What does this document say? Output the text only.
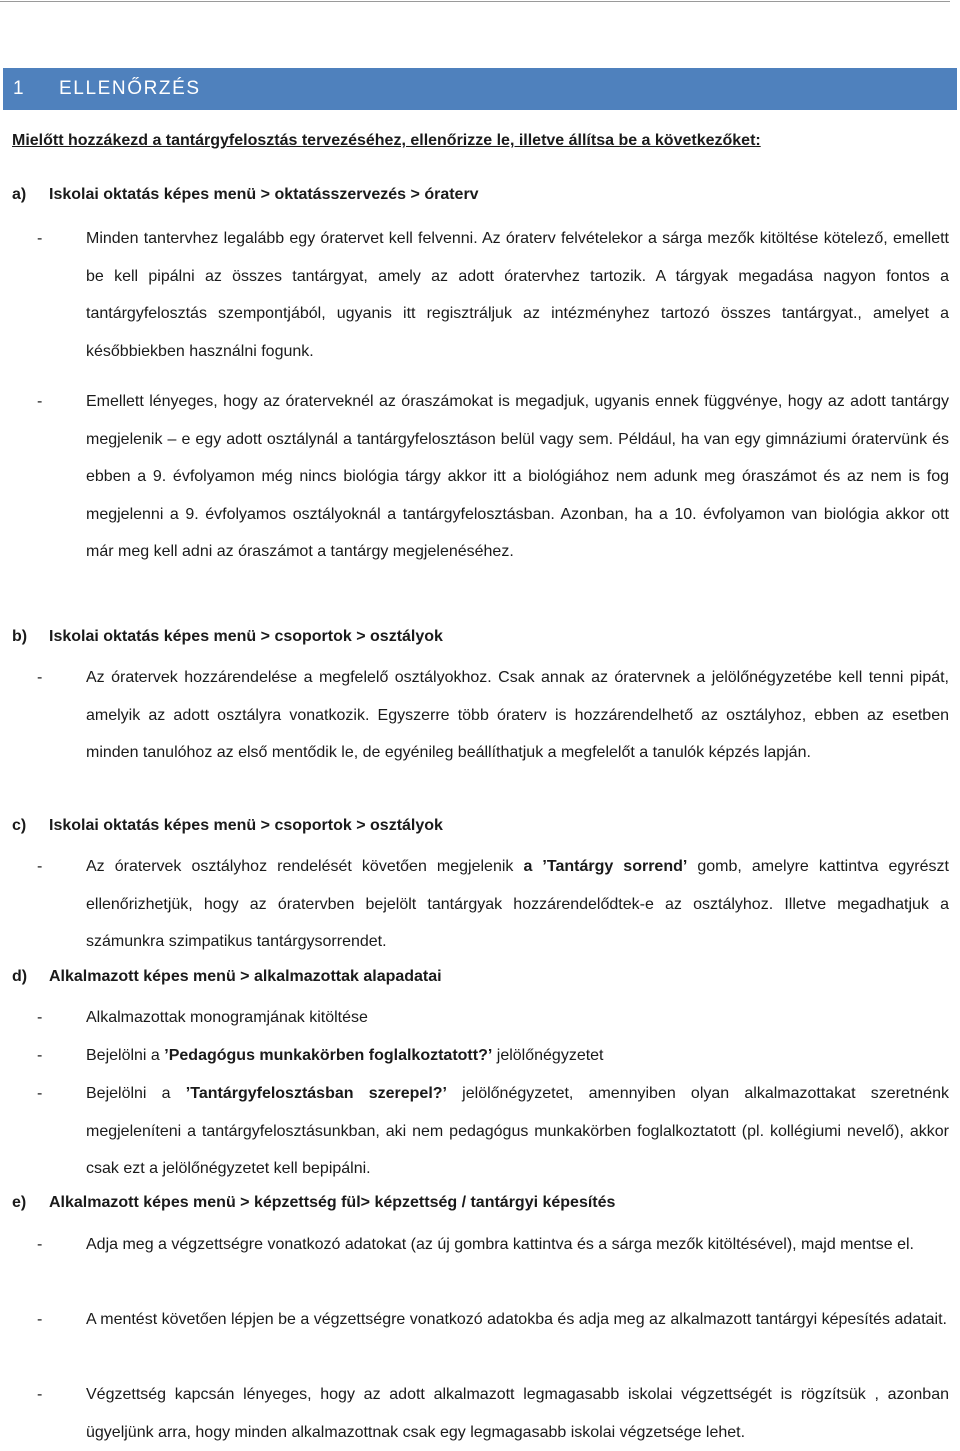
1	ELLENŐRZÉS
Mielőtt hozzákezd a tantárgyfelosztás tervezéséhez, ellenőrizze le, illetve állítsa be a következőket:
a) Iskolai oktatás képes menü > oktatásszervezés > óraterv
-	Minden tantervhez legalább egy óratervet kell felvenni. Az óraterv felvételekor a sárga mezők kitöltése kötelező, emellett be kell pipálni az összes tantárgyat, amely az adott óratervhez tartozik. A tárgyak megadása nagyon fontos a tantárgyfelosztás szempontjából, ugyanis itt regisztráljuk az intézményhez tartozó összes tantárgyat., amelyet a későbbiekben használni fogunk.
-	Emellett lényeges, hogy az óraterveknél az óraszámokat is megadjuk, ugyanis ennek függvénye, hogy az adott tantárgy megjelenik – e egy adott osztálynál a tantárgyfelosztáson belül vagy sem. Például, ha van egy gimnáziumi óratervünk és ebben a 9. évfolyamon még nincs biológia tárgy akkor itt a biológiához nem adunk meg óraszámot és az nem is fog megjelenni a 9. évfolyamos osztályoknál a tantárgyfelosztásban. Azonban, ha a 10. évfolyamon van biológia akkor ott már meg kell adni az óraszámot a tantárgy megjelenéséhez.
b) Iskolai oktatás képes menü > csoportok > osztályok
-	Az óratervek hozzárendelése a megfelelő osztályokhoz. Csak annak az óratervnek a jelölőnégyzetébe kell tenni pipát, amelyik az adott osztályra vonatkozik. Egyszerre több óraterv is hozzárendelhető az osztályhoz, ebben az esetben minden tanulóhoz az első mentődik le, de egyénileg beállíthatjuk a megfelelőt a tanulók képzés lapján.
c) Iskolai oktatás képes menü > csoportok > osztályok
-	Az óratervek osztályhoz rendelését követően megjelenik a ’Tantárgy sorrend’ gomb, amelyre kattintva egyrészt ellenőrizhetjük, hogy az óratervben bejelölt tantárgyak hozzárendelődtek-e az osztályhoz. Illetve megadhatjuk a számunkra szimpatikus tantárgysorrendet.
d) Alkalmazott képes menü > alkalmazottak alapadatai
-	Alkalmazottak monogramjának kitöltése
-	Bejelölni a ’Pedagógus munkakörben foglalkoztatott?’ jelölőnégyzetet
-	Bejelölni a ’Tantárgyfelosztásban szerepel?’ jelölőnégyzetet, amennyiben olyan alkalmazottakat szeretnénk megjeleníteni a tantárgyfelosztásunkban, aki nem pedagógus munkakörben foglalkoztatott (pl. kollégiumi nevelő), akkor csak ezt a jelölőnégyzetet kell bepipálni.
e) Alkalmazott képes menü > képzettség fül> képzettség / tantárgyi képesítés
-	Adja meg a végzettségre vonatkozó adatokat (az új gombra kattintva és a sárga mezők kitöltésével), majd mentse el.
-	A mentést követően lépjen be a végzettségre vonatkozó adatokba és adja meg az alkalmazott tantárgyi képesítés adatait.
-	Végzettség kapcsán lényeges, hogy az adott alkalmazott legmagasabb iskolai végzettségét is rögzítsük , azonban ügyeljünk arra, hogy minden alkalmazottnak csak egy legmagasabb iskolai végzetsége lehet.
